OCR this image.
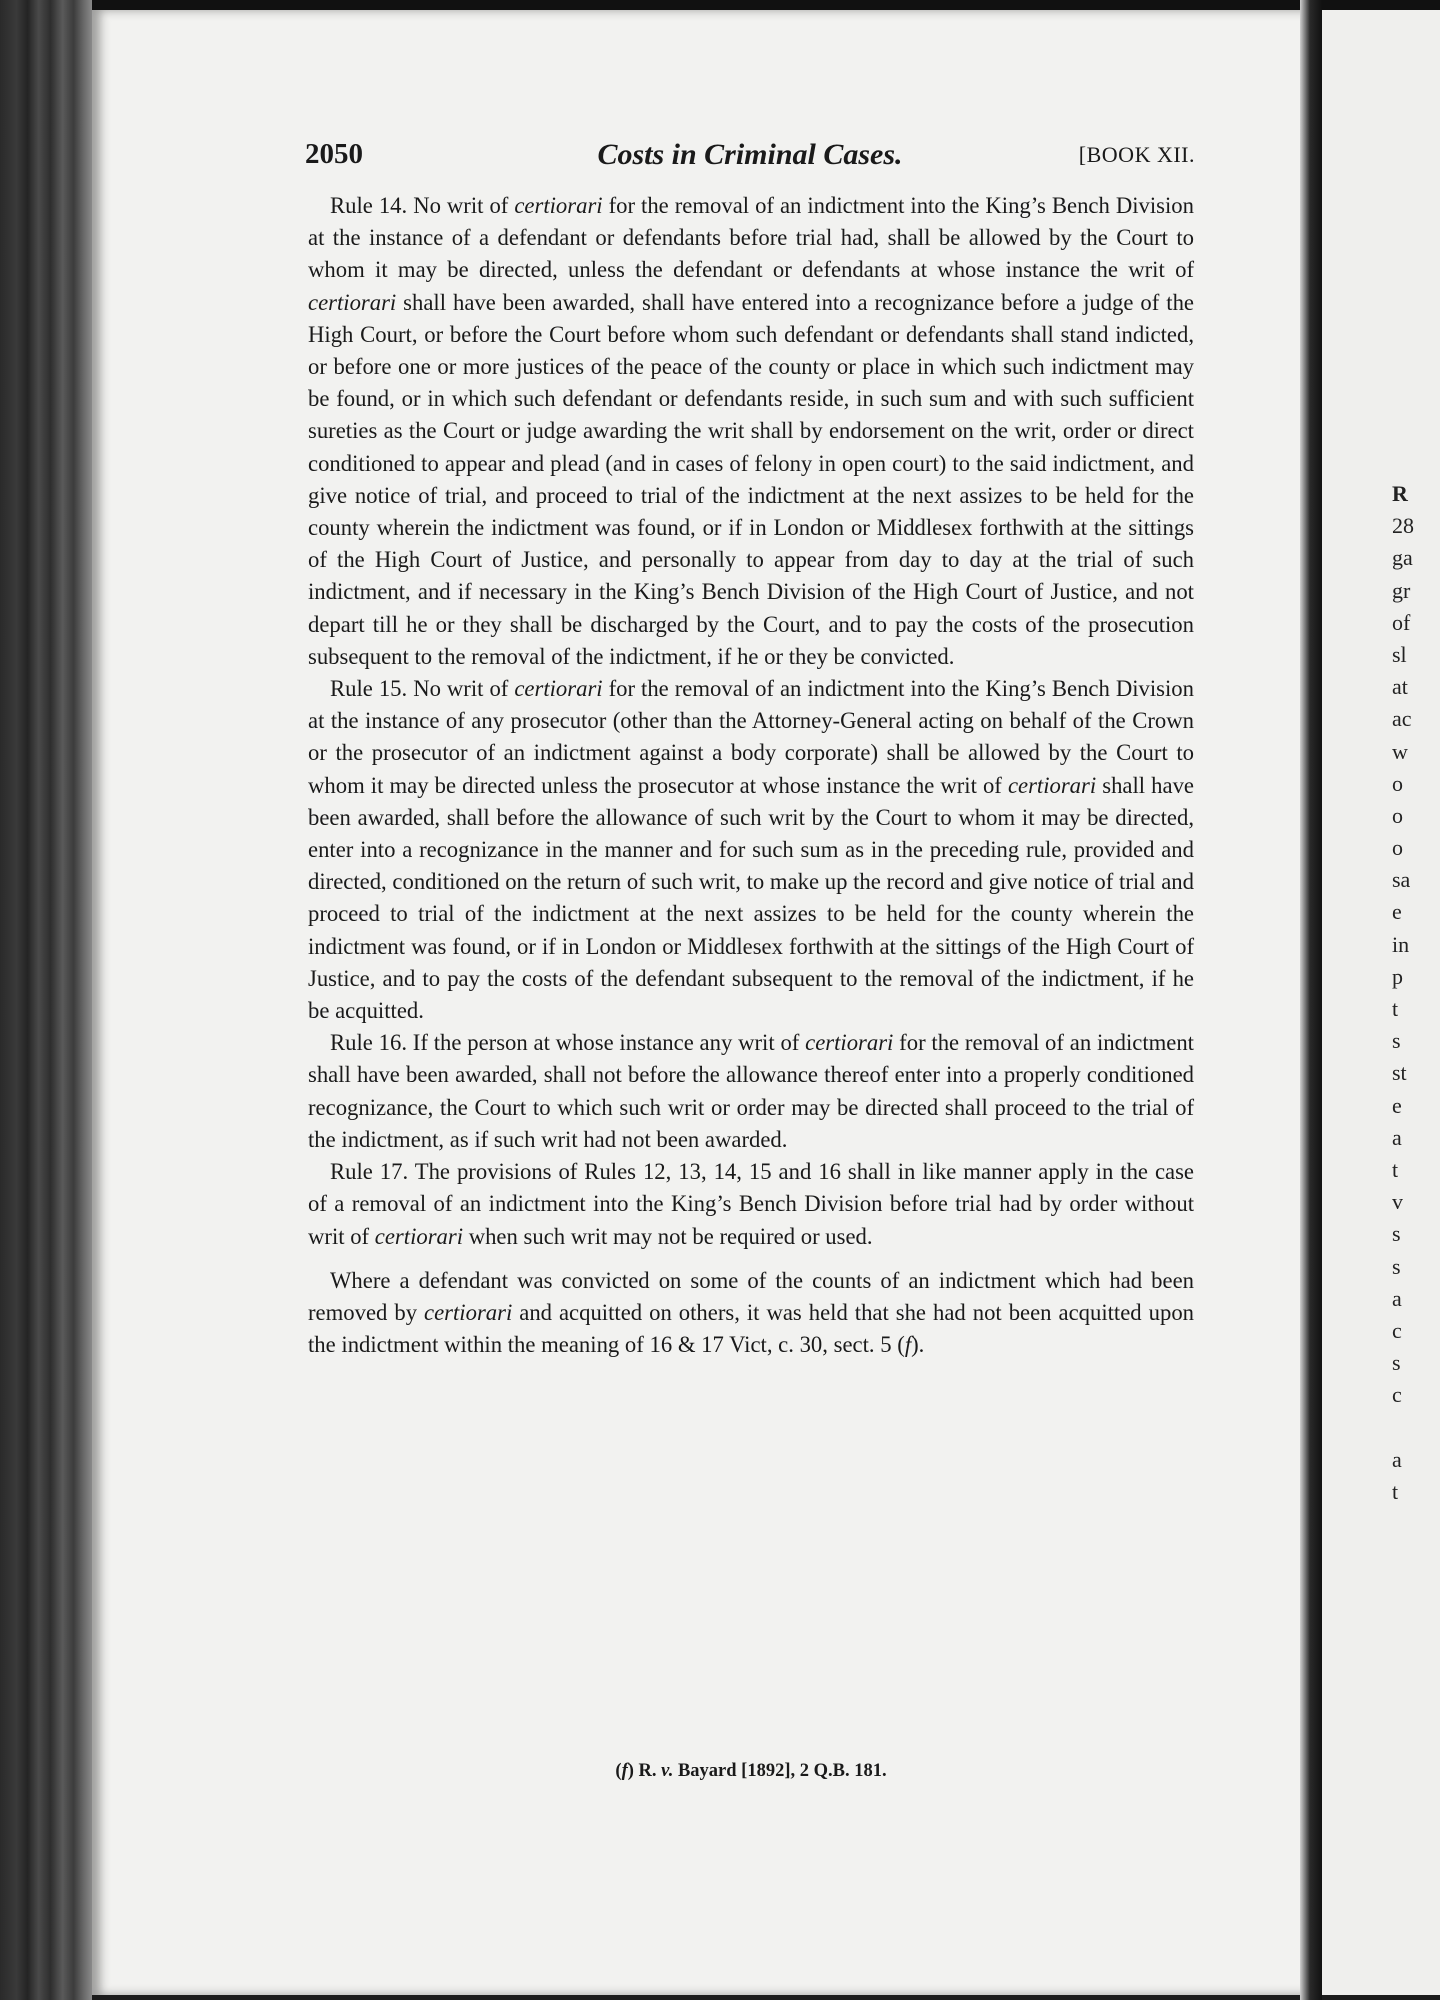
2050	Costs in Criminal Cases.	[BOOK XII.

Rule 14. No writ of certiorari for the removal of an indictment into the King’s Bench Division at the instance of a defendant or defendants before trial had, shall be allowed by the Court to whom it may be directed, unless the defendant or defendants at whose instance the writ of certiorari shall have been awarded, shall have entered into a recognizance before a judge of the High Court, or before the Court before whom such defendant or defendants shall stand indicted, or before one or more justices of the peace of the county or place in which such indictment may be found, or in which such defendant or defendants reside, in such sum and with such sufficient sureties as the Court or judge awarding the writ shall by endorsement on the writ, order or direct conditioned to appear and plead (and in cases of felony in open court) to the said indictment, and give notice of trial, and proceed to trial of the indictment at the next assizes to be held for the county wherein the indictment was found, or if in London or Middlesex forthwith at the sittings of the High Court of Justice, and personally to appear from day to day at the trial of such indictment, and if necessary in the King’s Bench Division of the High Court of Justice, and not depart till he or they shall be discharged by the Court, and to pay the costs of the prosecution subsequent to the removal of the indictment, if he or they be convicted.

Rule 15. No writ of certiorari for the removal of an indictment into the King’s Bench Division at the instance of any prosecutor (other than the Attorney-General acting on behalf of the Crown or the prosecutor of an indictment against a body corporate) shall be allowed by the Court to whom it may be directed unless the prosecutor at whose instance the writ of certiorari shall have been awarded, shall before the allowance of such writ by the Court to whom it may be directed, enter into a recognizance in the manner and for such sum as in the preceding rule, provided and directed, conditioned on the return of such writ, to make up the record and give notice of trial and proceed to trial of the indictment at the next assizes to be held for the county wherein the indictment was found, or if in London or Middlesex forthwith at the sittings of the High Court of Justice, and to pay the costs of the defendant subsequent to the removal of the indictment, if he be acquitted.

Rule 16. If the person at whose instance any writ of certiorari for the removal of an indictment shall have been awarded, shall not before the allowance thereof enter into a properly conditioned recognizance, the Court to which such writ or order may be directed shall proceed to the trial of the indictment, as if such writ had not been awarded.

Rule 17. The provisions of Rules 12, 13, 14, 15 and 16 shall in like manner apply in the case of a removal of an indictment into the King’s Bench Division before trial had by order without writ of certiorari when such writ may not be required or used.

Where a defendant was convicted on some of the counts of an indictment which had been removed by certiorari and acquitted on others, it was held that she had not been acquitted upon the indictment within the meaning of 16 & 17 Vict, c. 30, sect. 5 (f).

(f) R. v. Bayard [1892], 2 Q.B. 181.
R
28
ga
gr
of
sl
at
ac
w
o
o
o
sa
e
in
p
t
s
st
e
a
t
v
s
s
a
c
s
c
a
t
